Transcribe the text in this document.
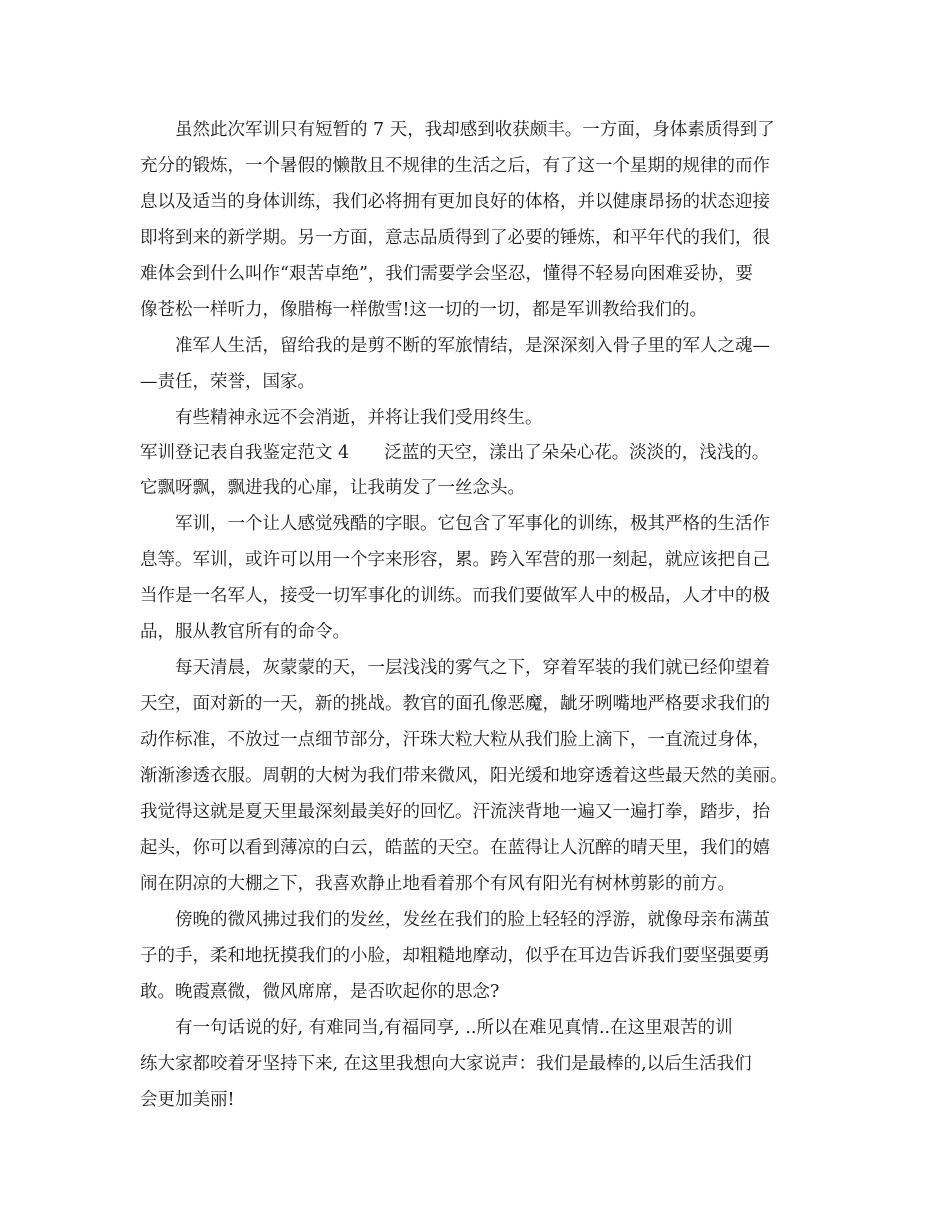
虽然此次军训只有短暂的 7 天，我却感到收获颇丰。一方面，身体素质得到了
充分的锻炼，一个暑假的懒散且不规律的生活之后，有了这一个星期的规律的而作
息以及适当的身体训练，我们必将拥有更加良好的体格，并以健康昂扬的状态迎接
即将到来的新学期。另一方面，意志品质得到了必要的锤炼，和平年代的我们，很
难体会到什么叫作“艰苦卓绝”，我们需要学会坚忍，懂得不轻易向困难妥协，要
像苍松一样听力，像腊梅一样傲雪!这一切的一切，都是军训教给我们的。
准军人生活，留给我的是剪不断的军旅情结，是深深刻入骨子里的军人之魂—
—责任，荣誉，国家。
有些精神永远不会消逝，并将让我们受用终生。
军训登记表自我鉴定范文 4　　泛蓝的天空，漾出了朵朵心花。淡淡的，浅浅的。
它飘呀飘，飘进我的心扉，让我萌发了一丝念头。
军训，一个让人感觉残酷的字眼。它包含了军事化的训练，极其严格的生活作
息等。军训，或许可以用一个字来形容，累。跨入军营的那一刻起，就应该把自己
当作是一名军人，接受一切军事化的训练。而我们要做军人中的极品，人才中的极
品，服从教官所有的命令。
每天清晨，灰蒙蒙的天，一层浅浅的雾气之下，穿着军装的我们就已经仰望着
天空，面对新的一天，新的挑战。教官的面孔像恶魔，龇牙咧嘴地严格要求我们的
动作标准，不放过一点细节部分，汗珠大粒大粒从我们脸上滴下，一直流过身体，
渐渐渗透衣服。周朝的大树为我们带来微风，阳光缓和地穿透着这些最天然的美丽。
我觉得这就是夏天里最深刻最美好的回忆。汗流浃背地一遍又一遍打拳，踏步，抬
起头，你可以看到薄凉的白云，皓蓝的天空。在蓝得让人沉醉的晴天里，我们的嬉
闹在阴凉的大棚之下，我喜欢静止地看着那个有风有阳光有树林剪影的前方。
傍晚的微风拂过我们的发丝，发丝在我们的脸上轻轻的浮游，就像母亲布满茧
子的手，柔和地抚摸我们的小脸，却粗糙地摩动，似乎在耳边告诉我们要坚强要勇
敢。晚霞熹微，微风席席，是否吹起你的思念?
有一句话说的好, 有难同当,有福同享, ..所以在难见真情..在这里艰苦的训
练大家都咬着牙坚持下来, 在这里我想向大家说声：我们是最棒的,以后生活我们
会更加美丽!
